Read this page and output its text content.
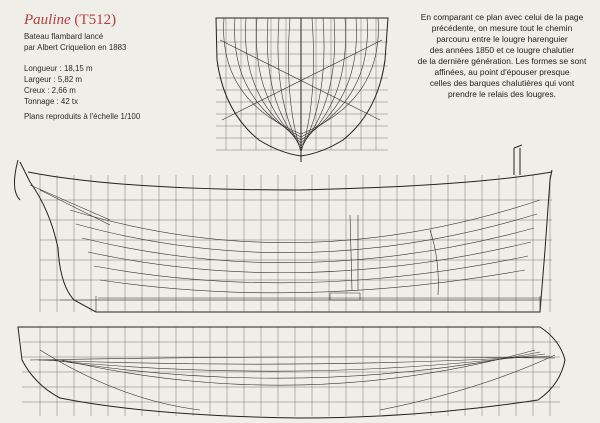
Pauline (T512)

Bateau flambard lancé
par Albert Criquelion en 1883

Longueur : 18,15 m
Largeur : 5,82 m
Creux : 2,66 m
Tonnage : 42 tx
Plans reproduits à l'échelle 1/100
En comparant ce plan avec celui de la page
précédente, on mesure tout le chemin
parcouru entre le lougre harenguier
des années 1850 et ce lougre chalutier
de la dernière génération. Les formes se sont
affinées, au point d'épouser presque
celles des barques chalutières qui vont
prendre le relais des lougres.
